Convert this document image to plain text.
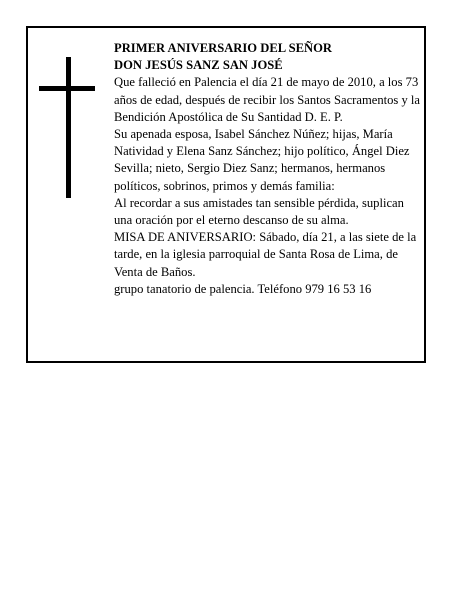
PRIMER ANIVERSARIO DEL SEÑOR

DON JESÚS SANZ SAN JOSÉ

Que falleció en Palencia el día 21 de mayo de 2010, a los 73 años de edad, después de recibir los Santos Sacramentos y la Bendición Apostólica de Su Santidad D. E. P.

Su apenada esposa, Isabel Sánchez Núñez; hijas, María Natividad y Elena Sanz Sánchez; hijo político, Ángel Diez Sevilla; nieto, Sergio Diez Sanz; hermanos, hermanos políticos, sobrinos, primos y demás familia:

Al recordar a sus amistades tan sensible pérdida, suplican una oración por el eterno descanso de su alma.

MISA DE ANIVERSARIO: Sábado, día 21, a las siete de la tarde, en la iglesia parroquial de Santa Rosa de Lima, de Venta de Baños.

grupo tanatorio de palencia. Teléfono 979 16 53 16
